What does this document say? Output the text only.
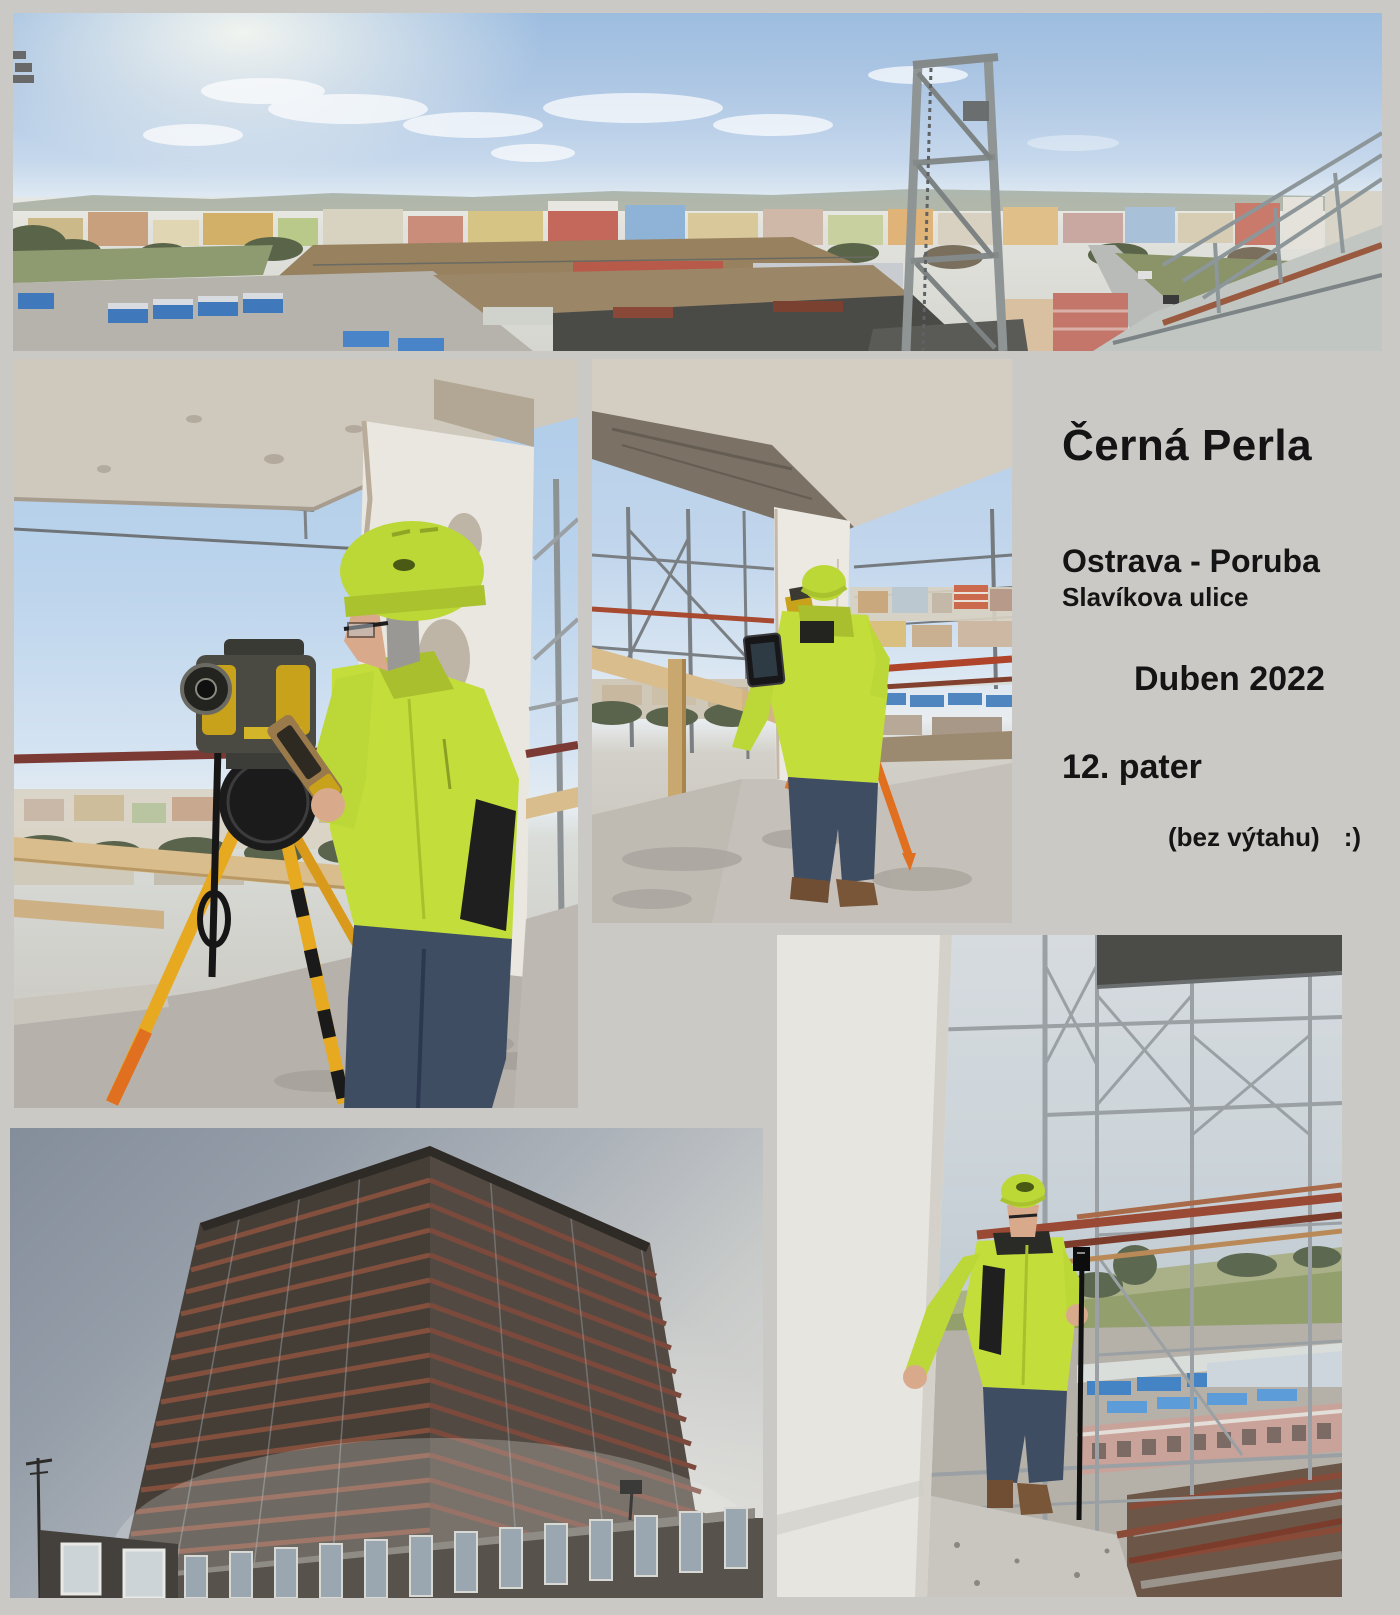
Černá Perla
Ostrava - Poruba
Slavíkova ulice
Duben 2022
12. pater
(bez výtahu) :)
